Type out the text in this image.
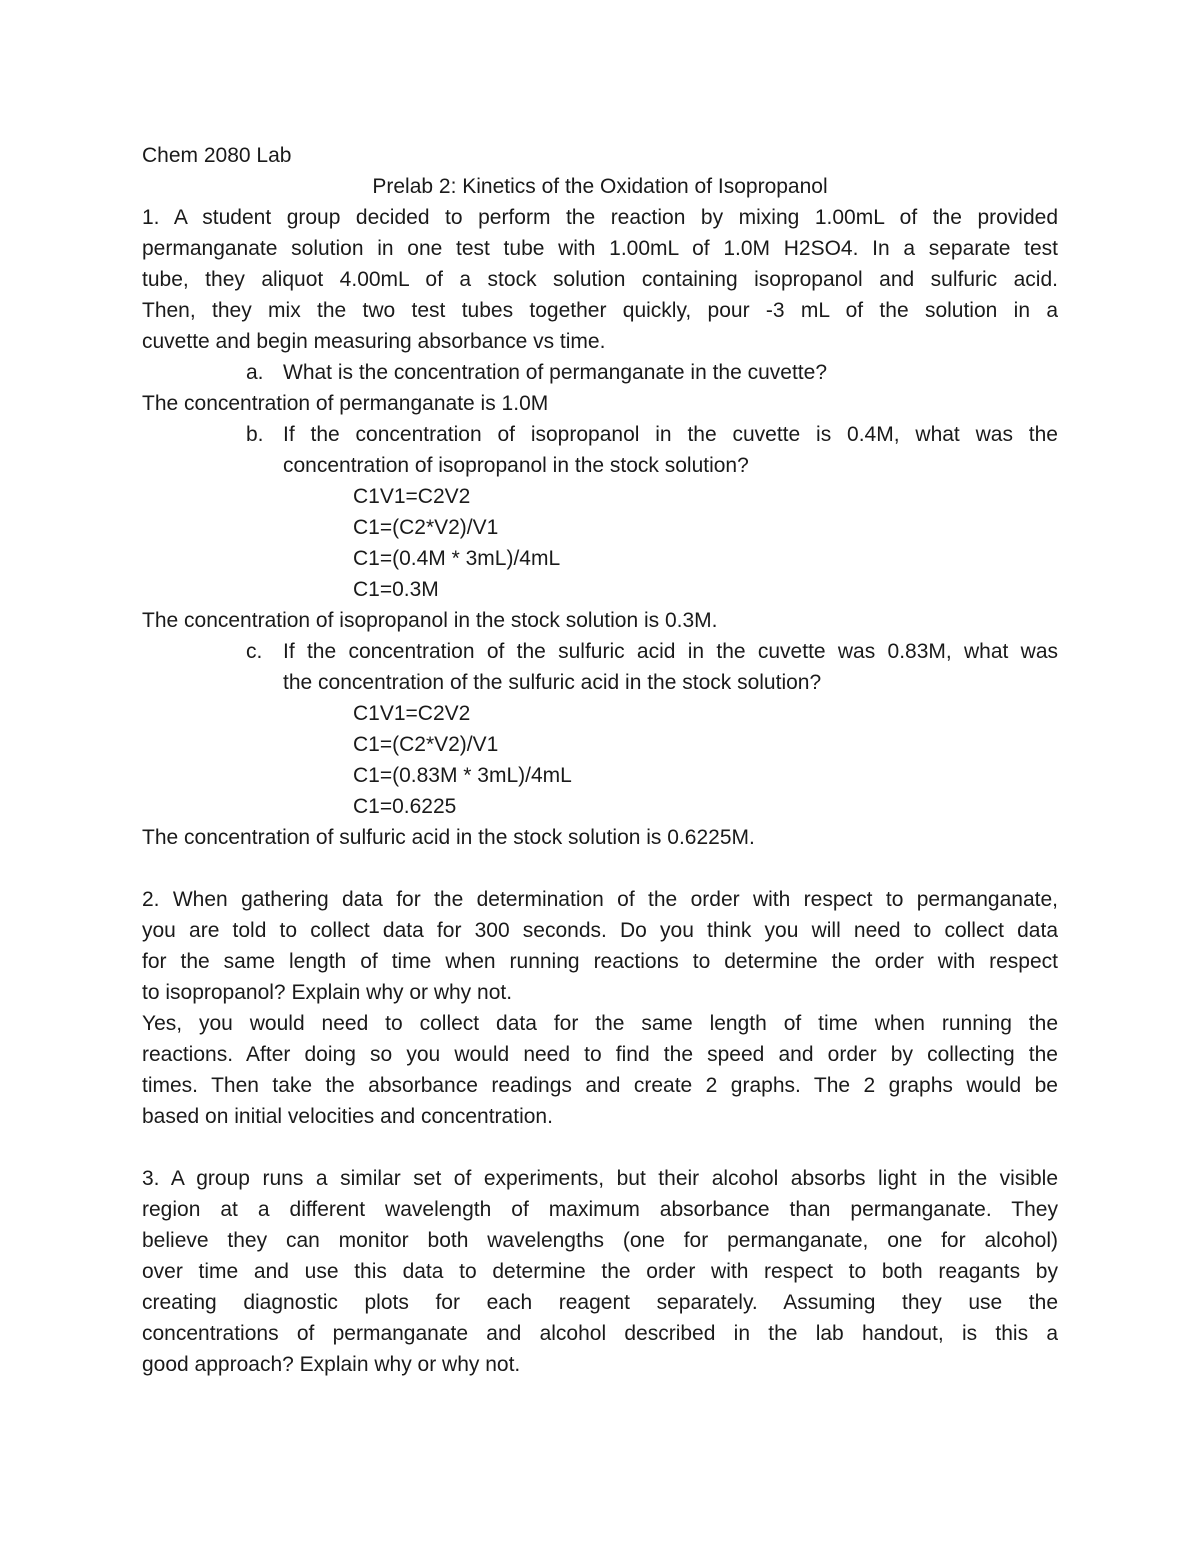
Chem 2080 Lab
Prelab 2: Kinetics of the Oxidation of Isopropanol
1. A student group decided to perform the reaction by mixing 1.00mL of the provided
permanganate solution in one test tube with 1.00mL of 1.0M H2SO4. In a separate test
tube, they aliquot 4.00mL of a stock solution containing isopropanol and sulfuric acid.
Then, they mix the two test tubes together quickly, pour -3 mL of the solution in a
cuvette and begin measuring absorbance vs time.
a. What is the concentration of permanganate in the cuvette?
The concentration of permanganate is 1.0M
b. If the concentration of isopropanol in the cuvette is 0.4M, what was the
concentration of isopropanol in the stock solution?
C1V1=C2V2
C1=(C2*V2)/V1
C1=(0.4M * 3mL)/4mL
C1=0.3M
The concentration of isopropanol in the stock solution is 0.3M.
c. If the concentration of the sulfuric acid in the cuvette was 0.83M, what was
the concentration of the sulfuric acid in the stock solution?
C1V1=C2V2
C1=(C2*V2)/V1
C1=(0.83M * 3mL)/4mL
C1=0.6225
The concentration of sulfuric acid in the stock solution is 0.6225M.
2. When gathering data for the determination of the order with respect to permanganate,
you are told to collect data for 300 seconds. Do you think you will need to collect data
for the same length of time when running reactions to determine the order with respect
to isopropanol? Explain why or why not.
Yes, you would need to collect data for the same length of time when running the
reactions. After doing so you would need to find the speed and order by collecting the
times. Then take the absorbance readings and create 2 graphs. The 2 graphs would be
based on initial velocities and concentration.
3. A group runs a similar set of experiments, but their alcohol absorbs light in the visible
region at a different wavelength of maximum absorbance than permanganate. They
believe they can monitor both wavelengths (one for permanganate, one for alcohol)
over time and use this data to determine the order with respect to both reagants by
creating diagnostic plots for each reagent separately. Assuming they use the
concentrations of permanganate and alcohol described in the lab handout, is this a
good approach? Explain why or why not.
